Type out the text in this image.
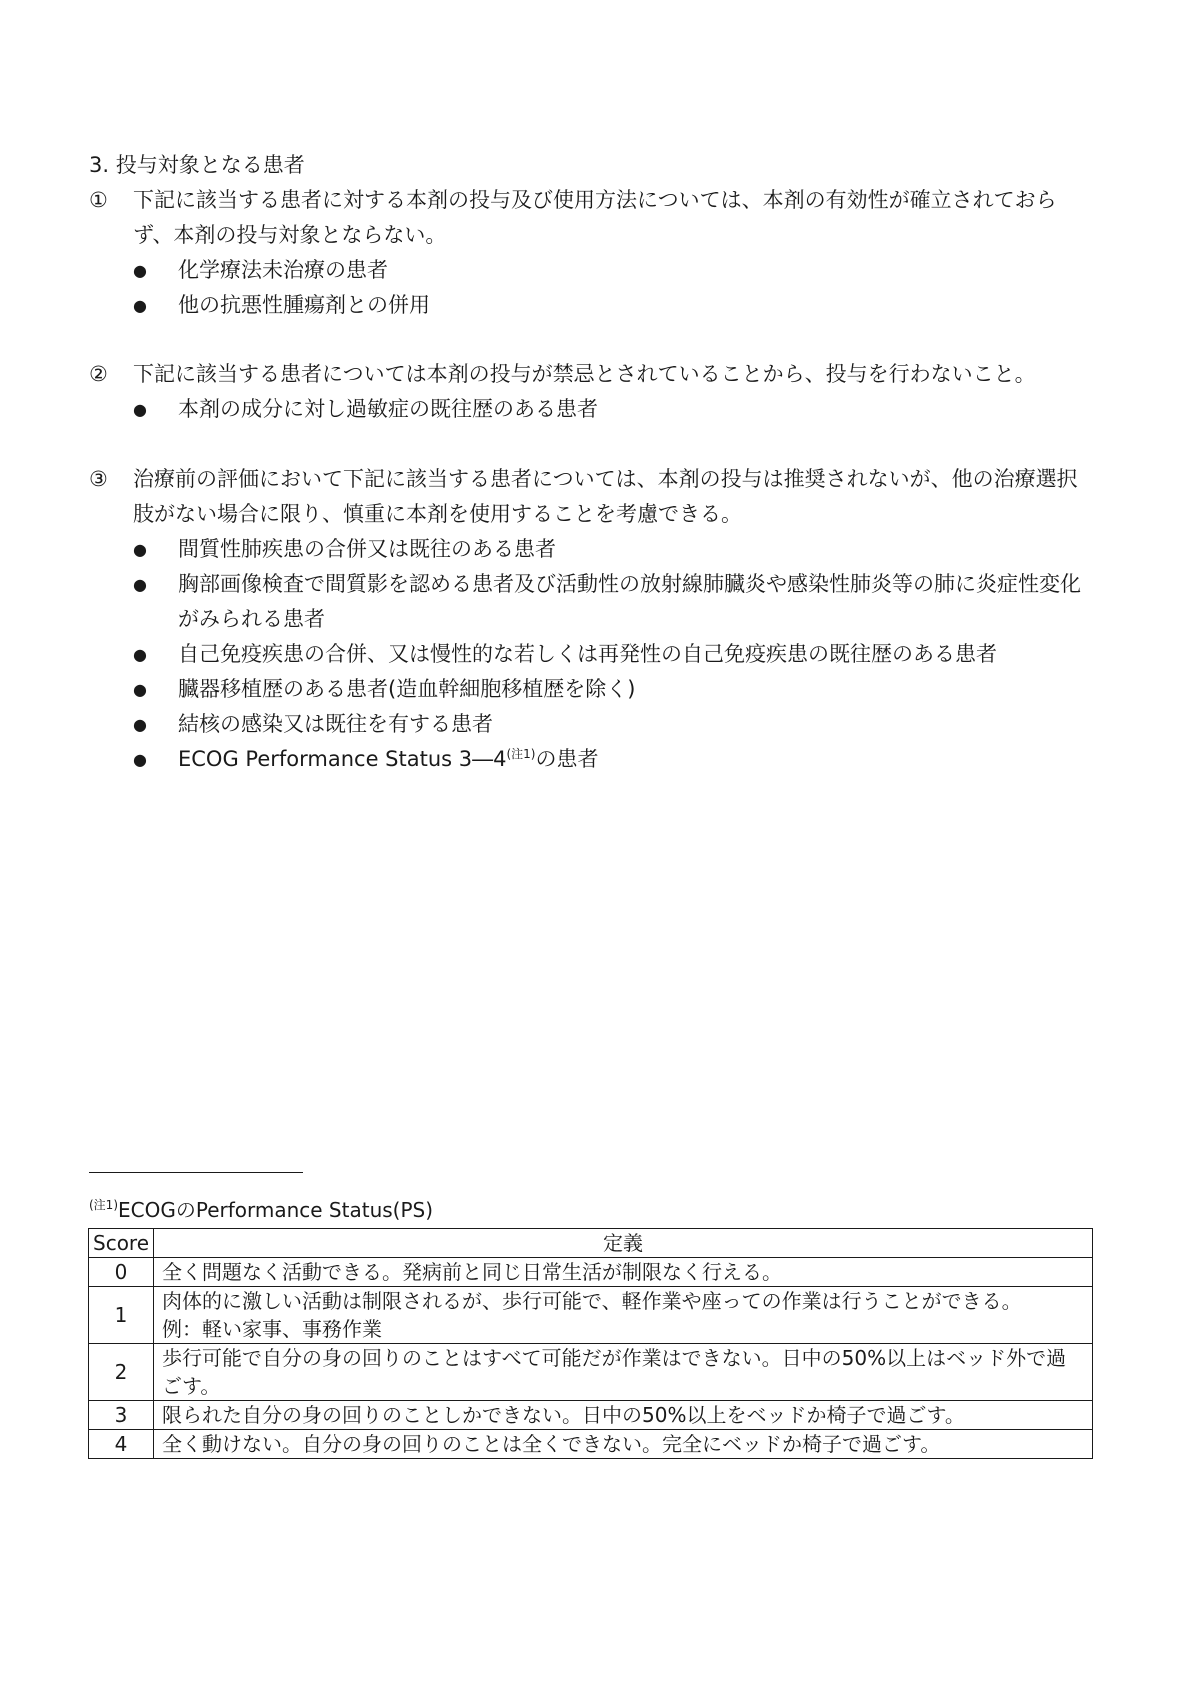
3. 投与対象となる患者
①	下記に該当する患者に対する本剤の投与及び使用方法については、本剤の有効性が確立されておらず、本剤の投与対象とならない。
● 化学療法未治療の患者
● 他の抗悪性腫瘍剤との併用
②	下記に該当する患者については本剤の投与が禁忌とされていることから、投与を行わないこと。
● 本剤の成分に対し過敏症の既往歴のある患者
③	治療前の評価において下記に該当する患者については、本剤の投与は推奨されないが、他の治療選択肢がない場合に限り、慎重に本剤を使用することを考慮できる。
● 間質性肺疾患の合併又は既往のある患者
● 胸部画像検査で間質影を認める患者及び活動性の放射線肺臓炎や感染性肺炎等の肺に炎症性変化がみられる患者
● 自己免疫疾患の合併、又は慢性的な若しくは再発性の自己免疫疾患の既往歴のある患者
● 臓器移植歴のある患者(造血幹細胞移植歴を除く)
● 結核の感染又は既往を有する患者
● ECOG Performance Status 3―4$^{(注1)}$の患者
$^{(注1)}$ECOGのPerformance Status(PS)
Score	定義
0	全く問題なく活動できる。発病前と同じ日常生活が制限なく行える。

1	肉体的に激しい活動は制限されるが、歩行可能で、軽作業や座っての作業は行うことができる。
例：軽い家事、事務作業

2	歩行可能で自分の身の回りのことはすべて可能だが作業はできない。日中の50%以上はベッド外で過ごす。

3	限られた自分の身の回りのことしかできない。日中の50%以上をベッドか椅子で過ごす。

4	全く動けない。自分の身の回りのことは全くできない。完全にベッドか椅子で過ごす。
